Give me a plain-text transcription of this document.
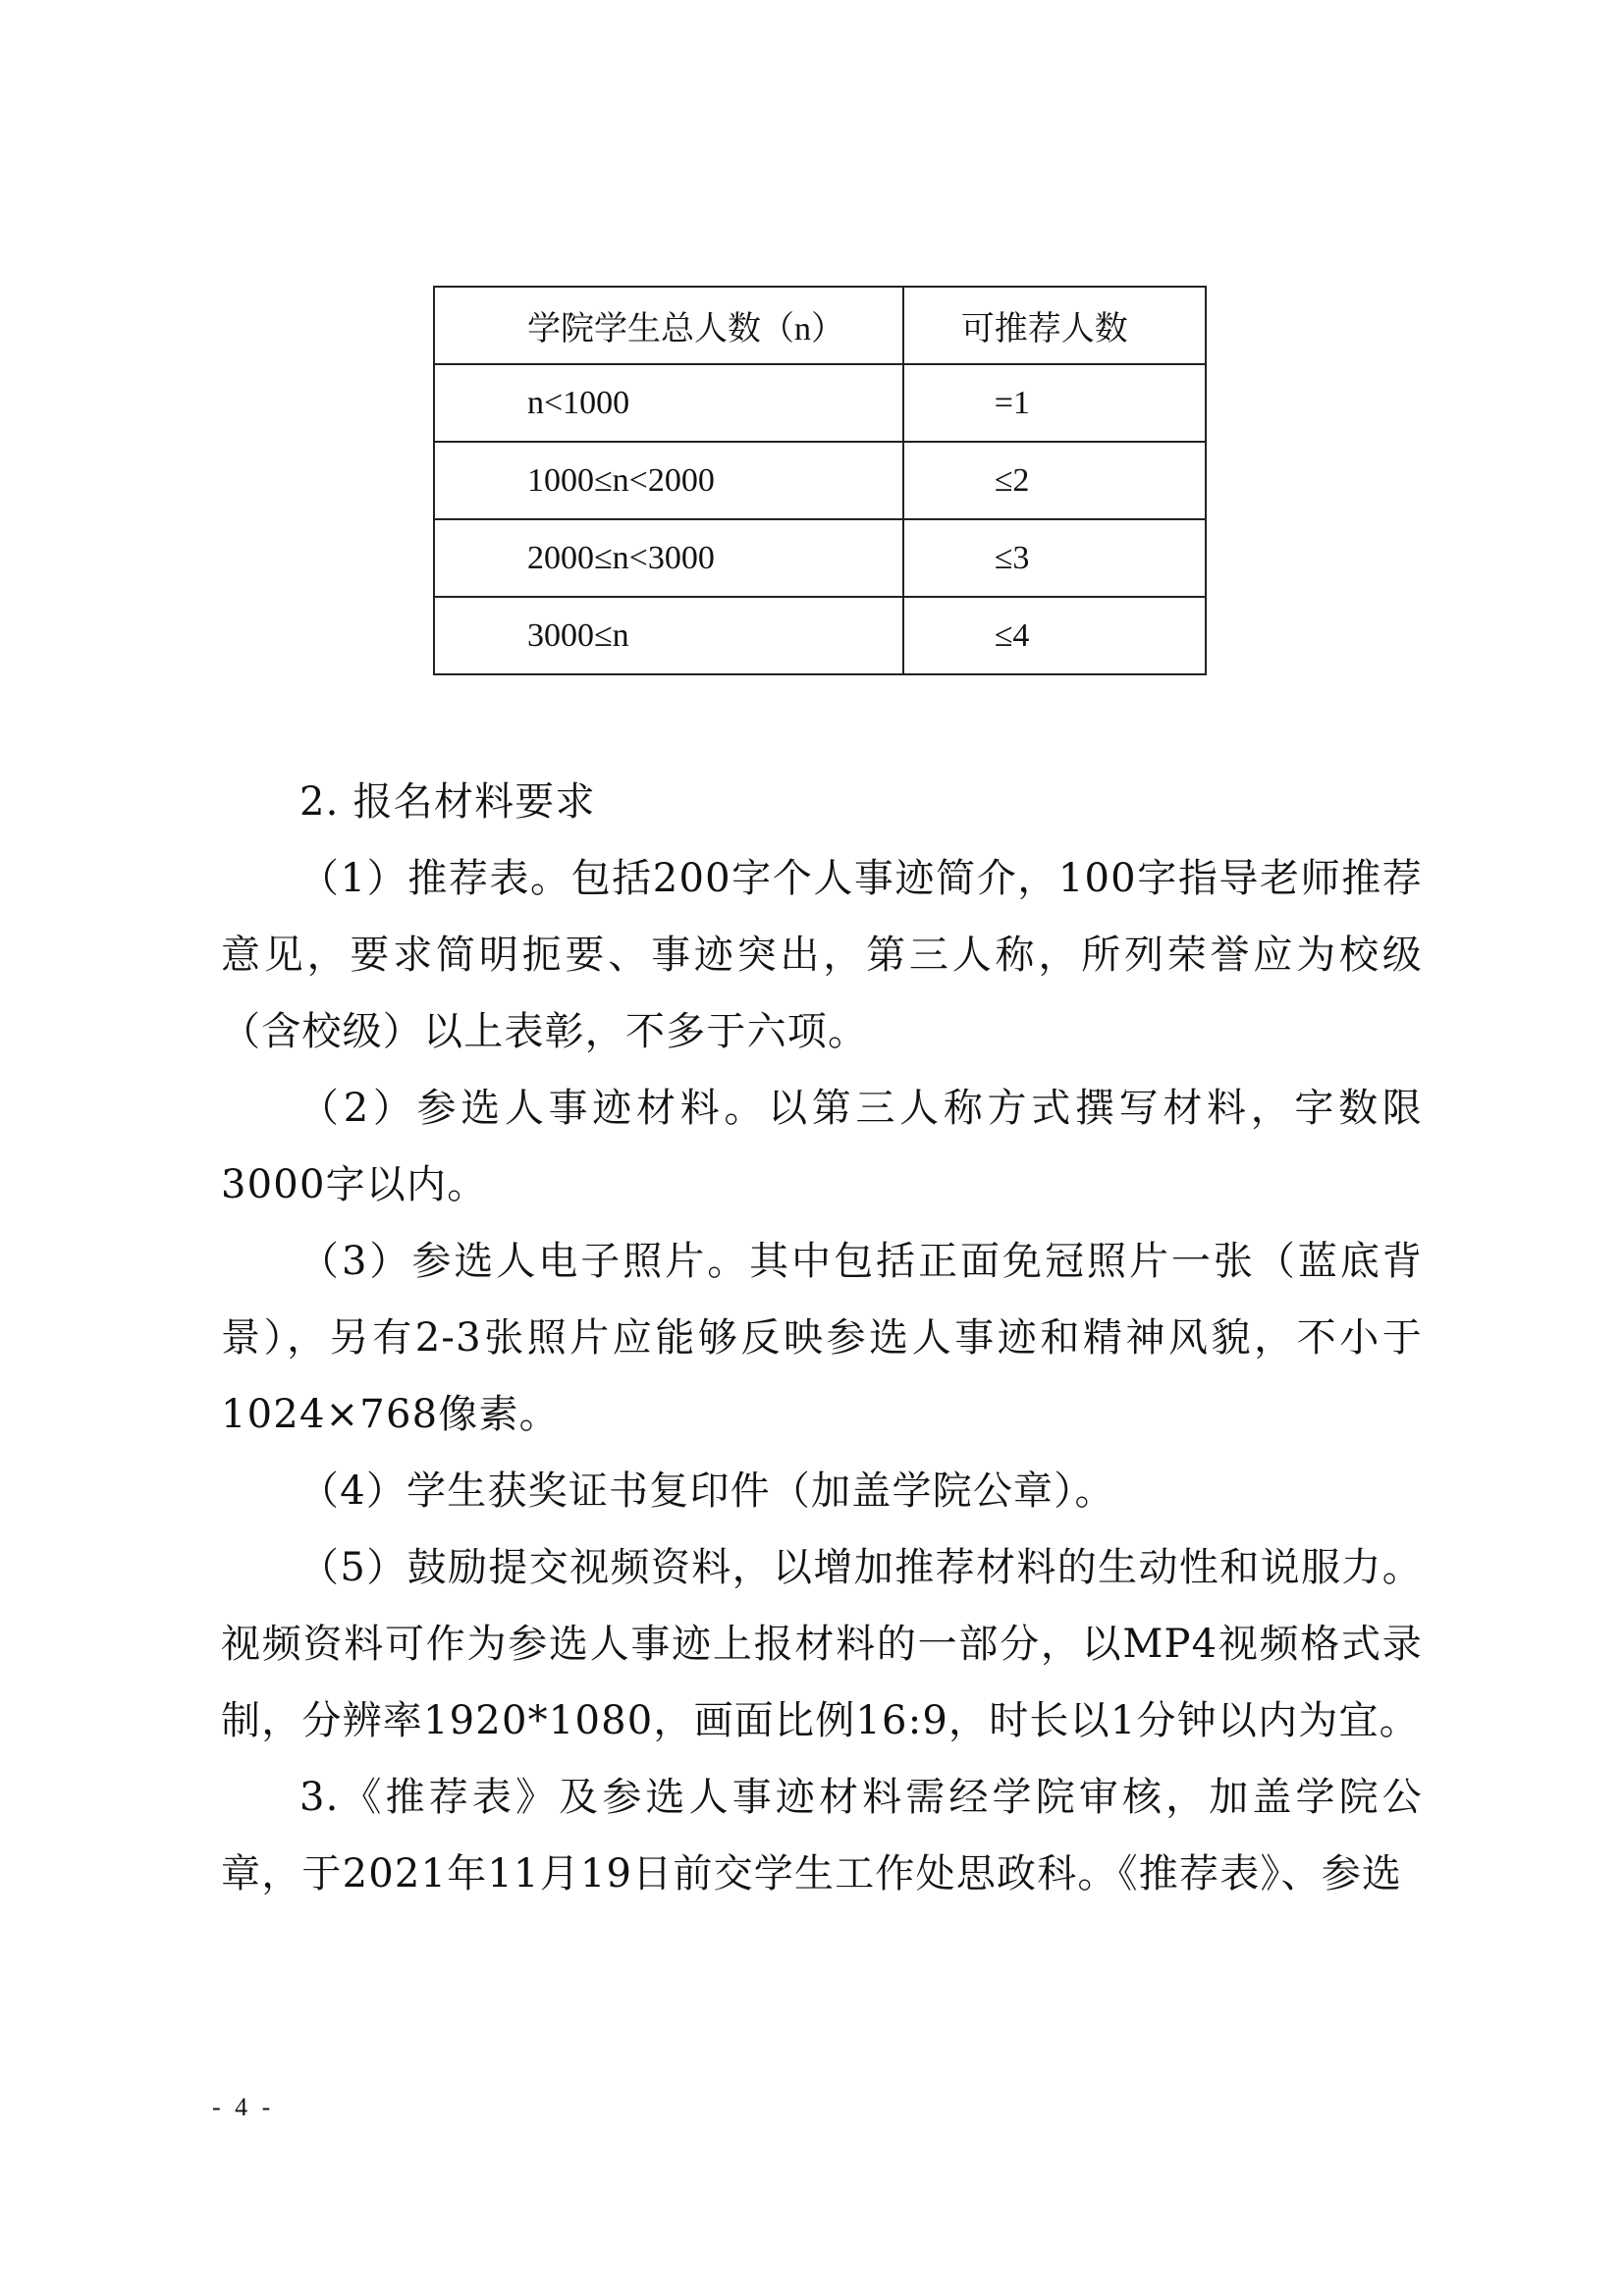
学院学生总人数（n）	可推荐人数
n<1000	=1
1000≤n<2000	≤2
2000≤n<3000	≤3
3000≤n	≤4

2. 报名材料要求

（1）推荐表。包括200字个人事迹简介，100字指导老师推荐意见，要求简明扼要、事迹突出，第三人称，所列荣誉应为校级（含校级）以上表彰，不多于六项。

（2）参选人事迹材料。以第三人称方式撰写材料，字数限3000字以内。

（3）参选人电子照片。其中包括正面免冠照片一张（蓝底背景），另有2-3张照片应能够反映参选人事迹和精神风貌，不小于1024×768像素。

（4）学生获奖证书复印件（加盖学院公章）。

（5）鼓励提交视频资料，以增加推荐材料的生动性和说服力。视频资料可作为参选人事迹上报材料的一部分，以MP4视频格式录制，分辨率1920*1080，画面比例16:9，时长以1分钟以内为宜。

3.《推荐表》及参选人事迹材料需经学院审核，加盖学院公章，于2021年11月19日前交学生工作处思政科。《推荐表》、参选

- 4 -
